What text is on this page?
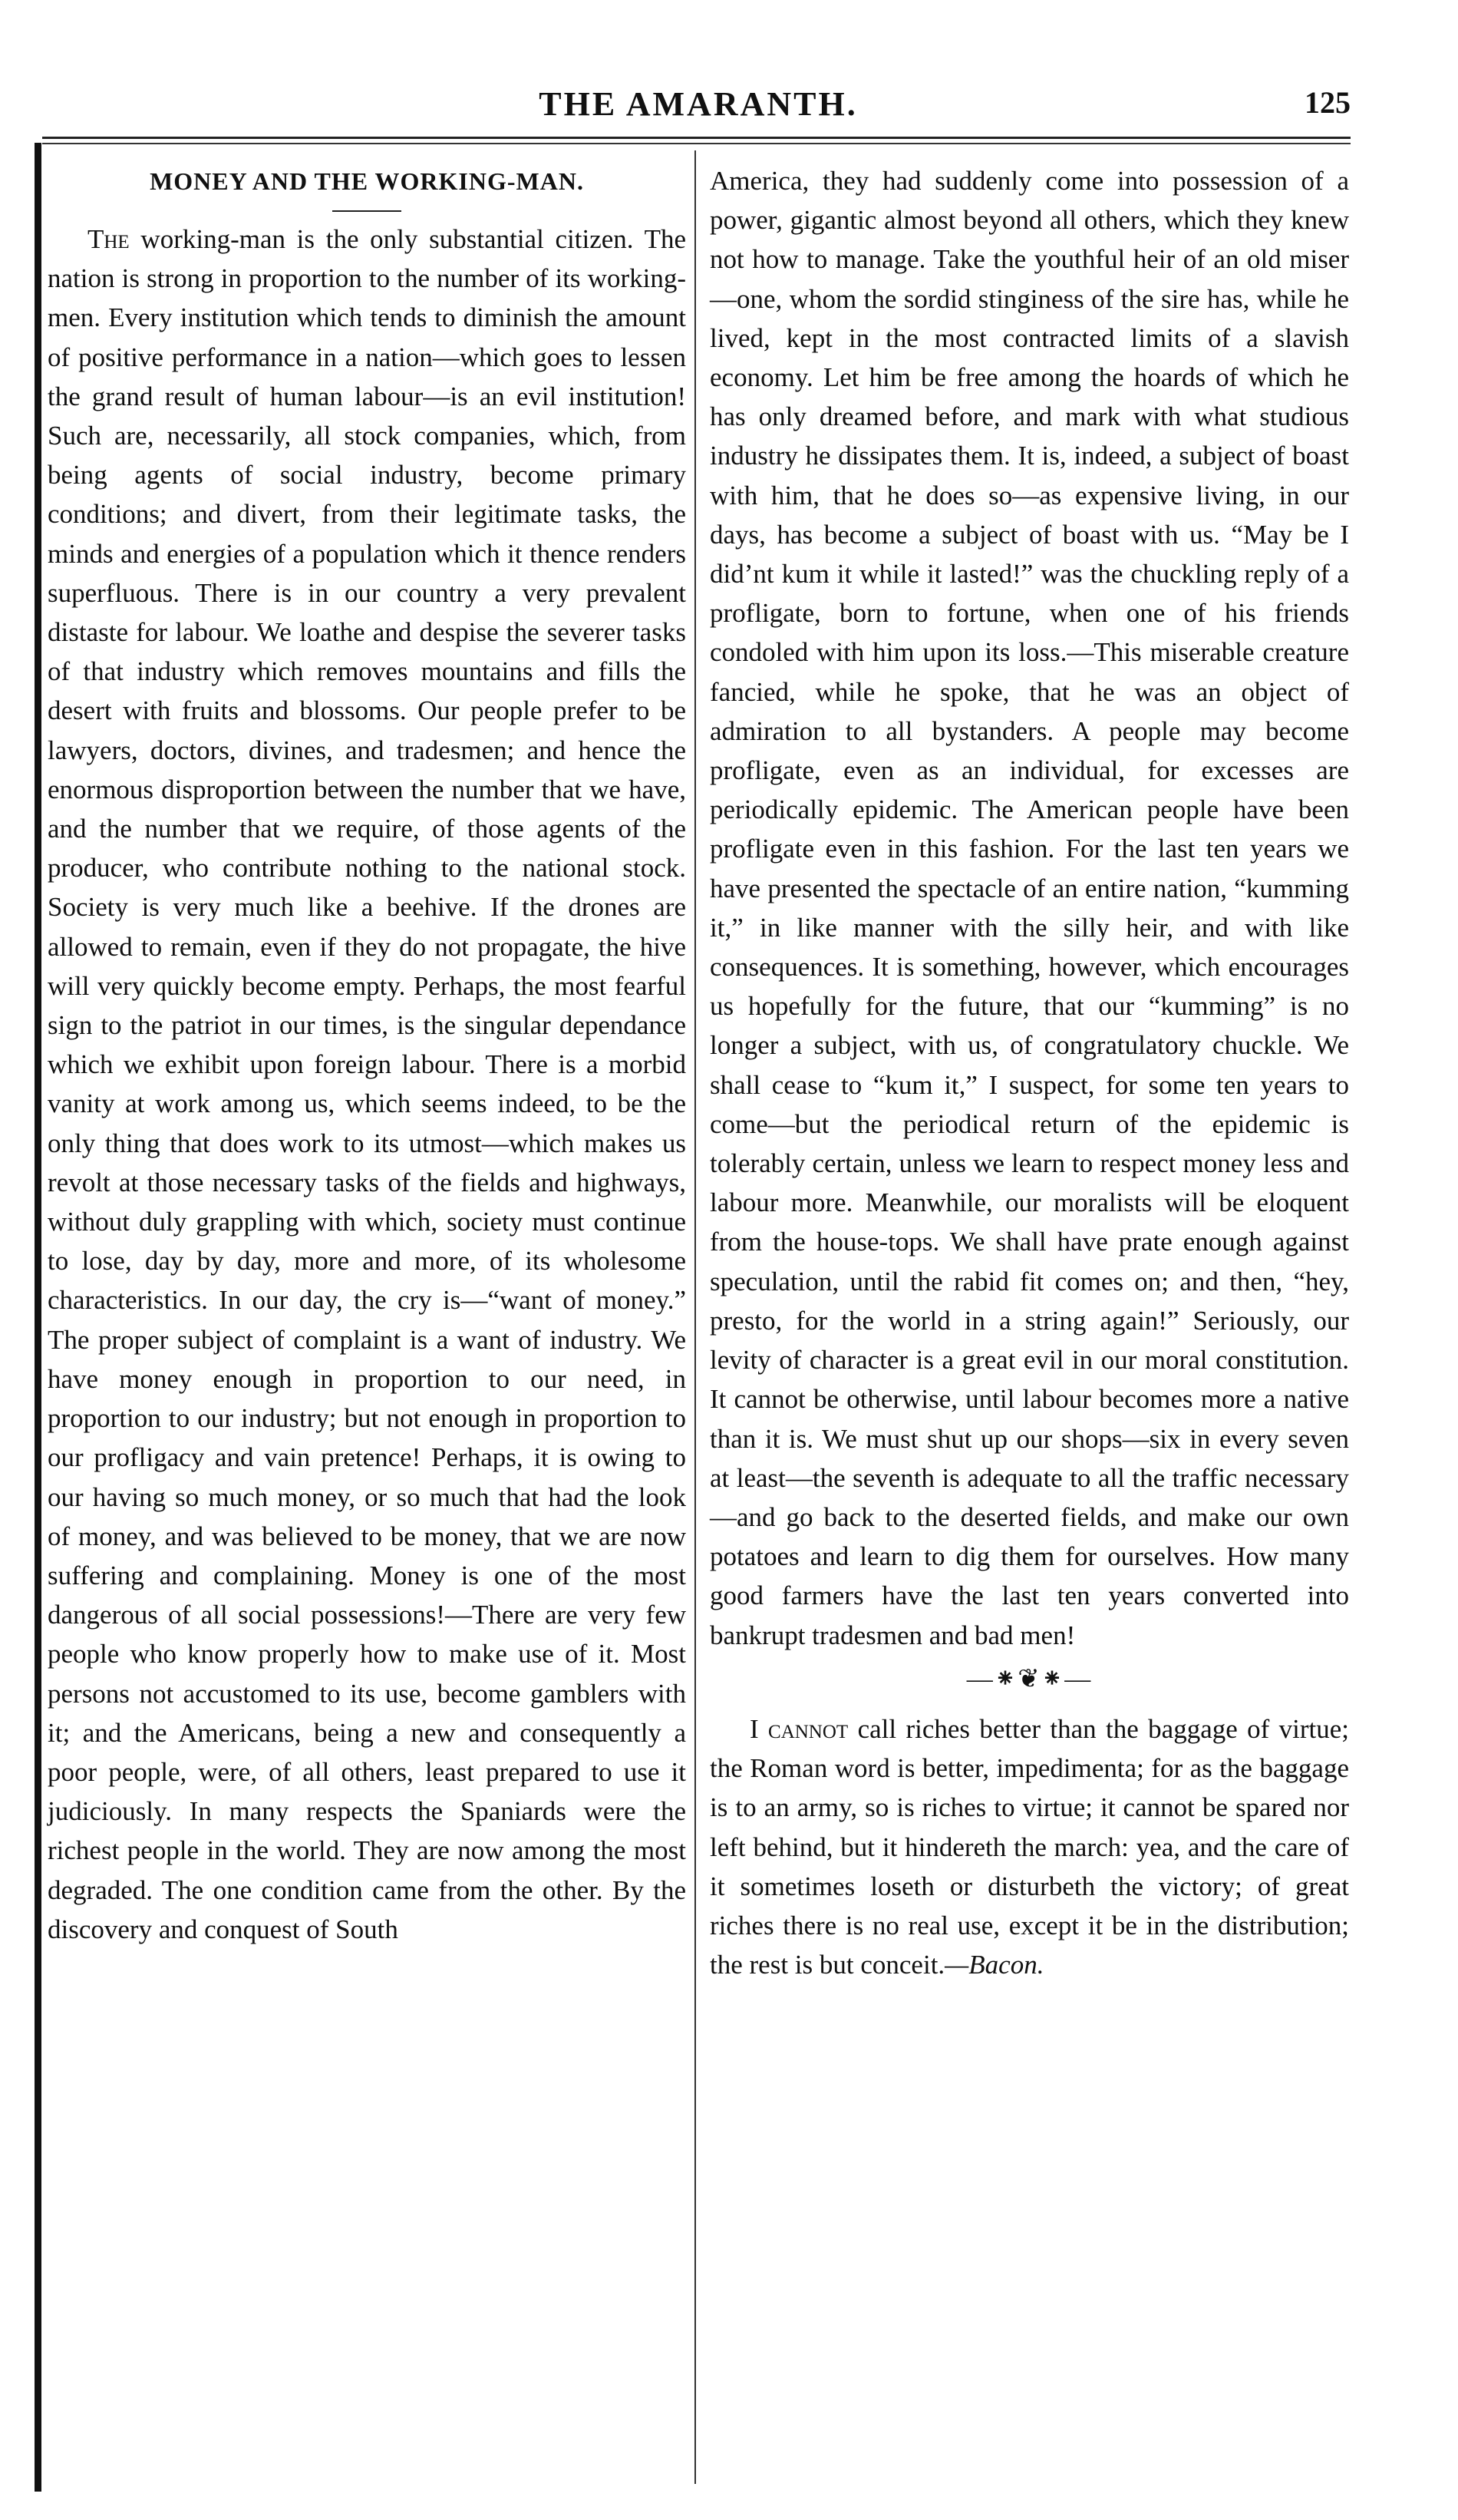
THE AMARANTH.	125
MONEY AND THE WORKING-MAN.

The working-man is the only substantial citizen. The nation is strong in proportion to the number of its working-men. Every institution which tends to diminish the amount of positive performance in a nation—which goes to lessen the grand result of human labour—is an evil institution! Such are, necessarily, all stock companies, which, from being agents of social industry, become primary conditions; and divert, from their legitimate tasks, the minds and energies of a population which it thence renders superfluous. There is in our country a very prevalent distaste for labour. We loathe and despise the severer tasks of that industry which removes mountains and fills the desert with fruits and blossoms. Our people prefer to be lawyers, doctors, divines, and tradesmen; and hence the enormous disproportion between the number that we have, and the number that we require, of those agents of the producer, who contribute nothing to the national stock. Society is very much like a beehive. If the drones are allowed to remain, even if they do not propagate, the hive will very quickly become empty. Perhaps, the most fearful sign to the patriot in our times, is the singular dependance which we exhibit upon foreign labour. There is a morbid vanity at work among us, which seems indeed, to be the only thing that does work to its utmost—which makes us revolt at those necessary tasks of the fields and highways, without duly grappling with which, society must continue to lose, day by day, more and more, of its wholesome characteristics. In our day, the cry is—“want of money.” The proper subject of complaint is a want of industry. We have money enough in proportion to our need, in proportion to our industry; but not enough in proportion to our profligacy and vain pretence! Perhaps, it is owing to our having so much money, or so much that had the look of money, and was believed to be money, that we are now suffering and complaining. Money is one of the most dangerous of all social possessions!—There are very few people who know properly how to make use of it. Most persons not accustomed to its use, become gamblers with it; and the Americans, being a new and consequently a poor people, were, of all others, least prepared to use it judiciously. In many respects the Spaniards were the richest people in the world. They are now among the most degraded. The one condition came from the other. By the discovery and conquest of South

America, they had suddenly come into possession of a power, gigantic almost beyond all others, which they knew not how to manage. Take the youthful heir of an old miser—one, whom the sordid stinginess of the sire has, while he lived, kept in the most contracted limits of a slavish economy. Let him be free among the hoards of which he has only dreamed before, and mark with what studious industry he dissipates them. It is, indeed, a subject of boast with him, that he does so—as expensive living, in our days, has become a subject of boast with us. “May be I did’nt kum it while it lasted!” was the chuckling reply of a profligate, born to fortune, when one of his friends condoled with him upon its loss.—This miserable creature fancied, while he spoke, that he was an object of admiration to all bystanders. A people may become profligate, even as an individual, for excesses are periodically epidemic. The American people have been profligate even in this fashion. For the last ten years we have presented the spectacle of an entire nation, “kumming it,” in like manner with the silly heir, and with like consequences. It is something, however, which encourages us hopefully for the future, that our “kumming” is no longer a subject, with us, of congratulatory chuckle. We shall cease to “kum it,” I suspect, for some ten years to come—but the periodical return of the epidemic is tolerably certain, unless we learn to respect money less and labour more. Meanwhile, our moralists will be eloquent from the house-tops. We shall have prate enough against speculation, until the rabid fit comes on; and then, “hey, presto, for the world in a string again!” Seriously, our levity of character is a great evil in our moral constitution. It cannot be otherwise, until labour becomes more a native than it is. We must shut up our shops—six in every seven at least—the seventh is adequate to all the traffic necessary—and go back to the deserted fields, and make our own potatoes and learn to dig them for ourselves. How many good farmers have the last ten years converted into bankrupt tradesmen and bad men!

—⁕❦⁕—

I cannot call riches better than the baggage of virtue; the Roman word is better, impedimenta; for as the baggage is to an army, so is riches to virtue; it cannot be spared nor left behind, but it hindereth the march: yea, and the care of it sometimes loseth or disturbeth the victory; of great riches there is no real use, except it be in the distribution; the rest is but conceit.—Bacon.
